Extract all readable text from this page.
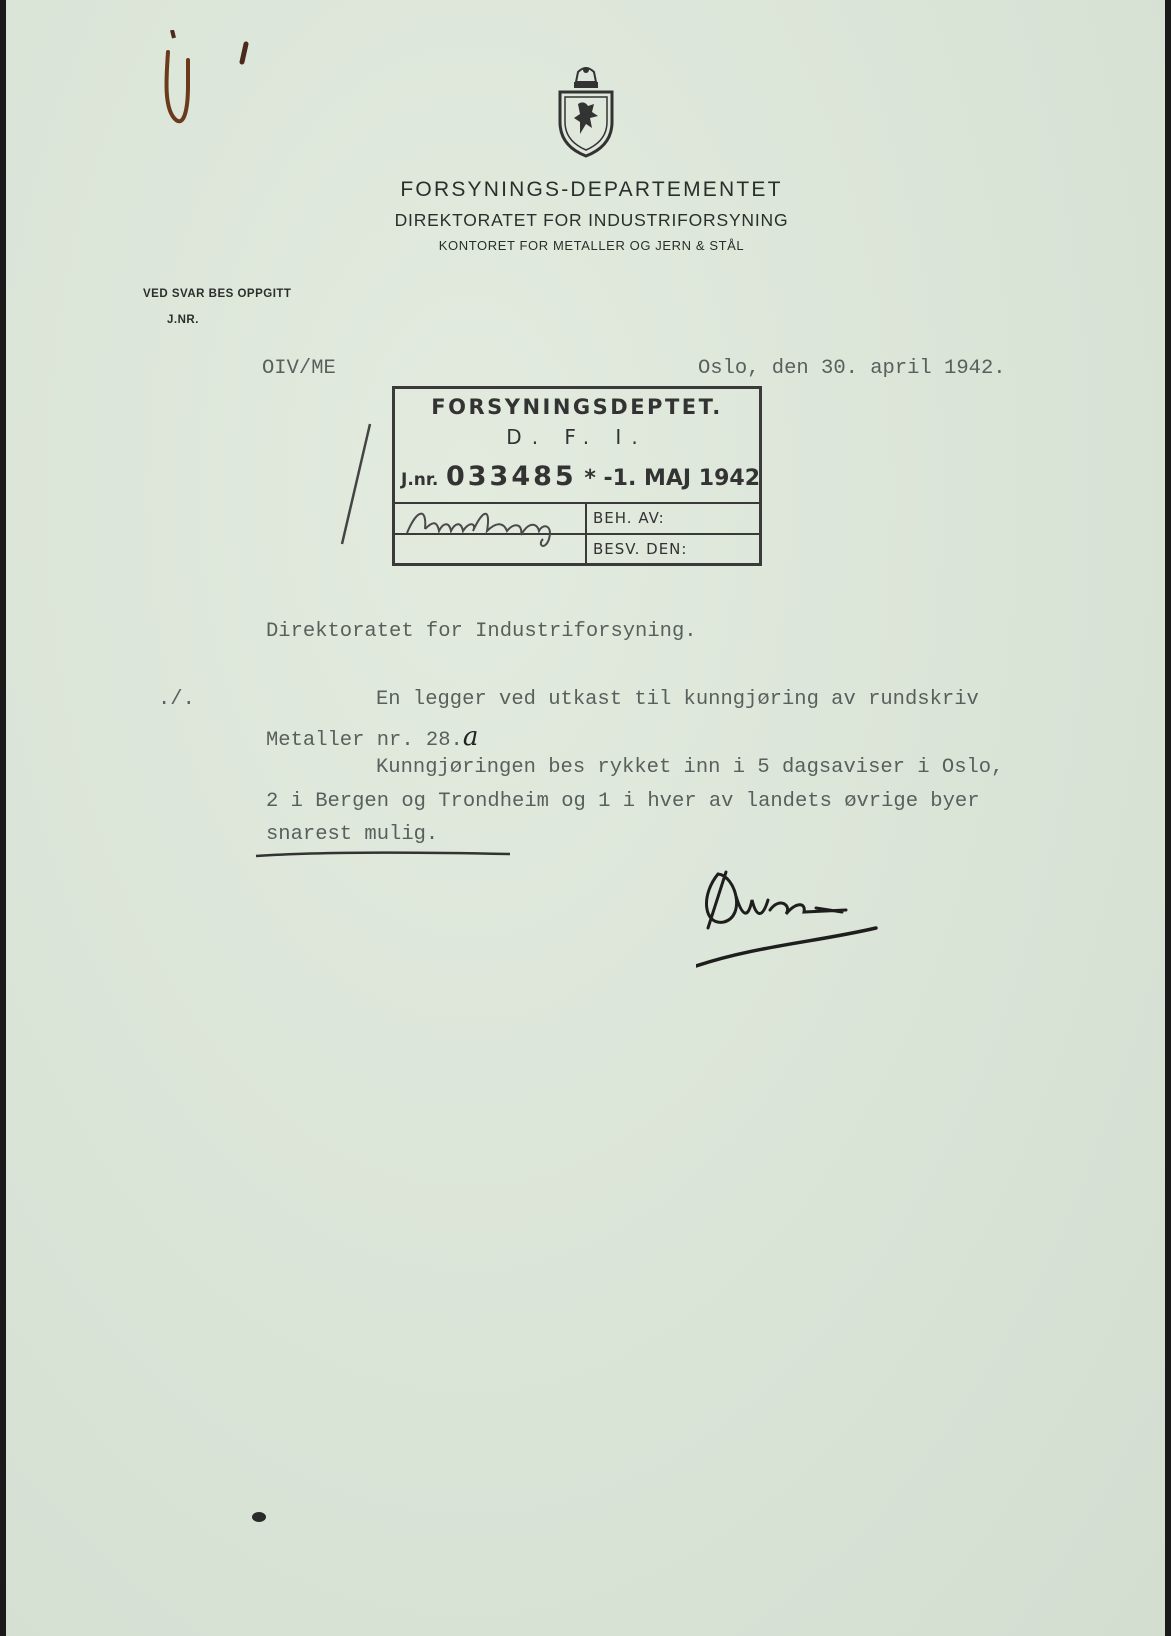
FORSYNINGS-DEPARTEMENTET
DIREKTORATET FOR INDUSTRIFORSYNING
KONTORET FOR METALLER OG JERN & STÅL
VED SVAR BES OPPGITT
J.NR.
OIV/ME	Oslo, den 30. april 1942.
FORSYNINGSDEPTET.
D. F. I.
J.nr. 033485 * -1. MAJ 1942
BEH. AV:
BESV. DEN:
Direktoratet for Industriforsyning.
./.	En legger ved utkast til kunngjøring av rundskriv
Metaller nr. 28.a
Kunngjøringen bes rykket inn i 5 dagsaviser i Oslo,
2 i Bergen og Trondheim og 1 i hver av landets øvrige byer
snarest mulig.
